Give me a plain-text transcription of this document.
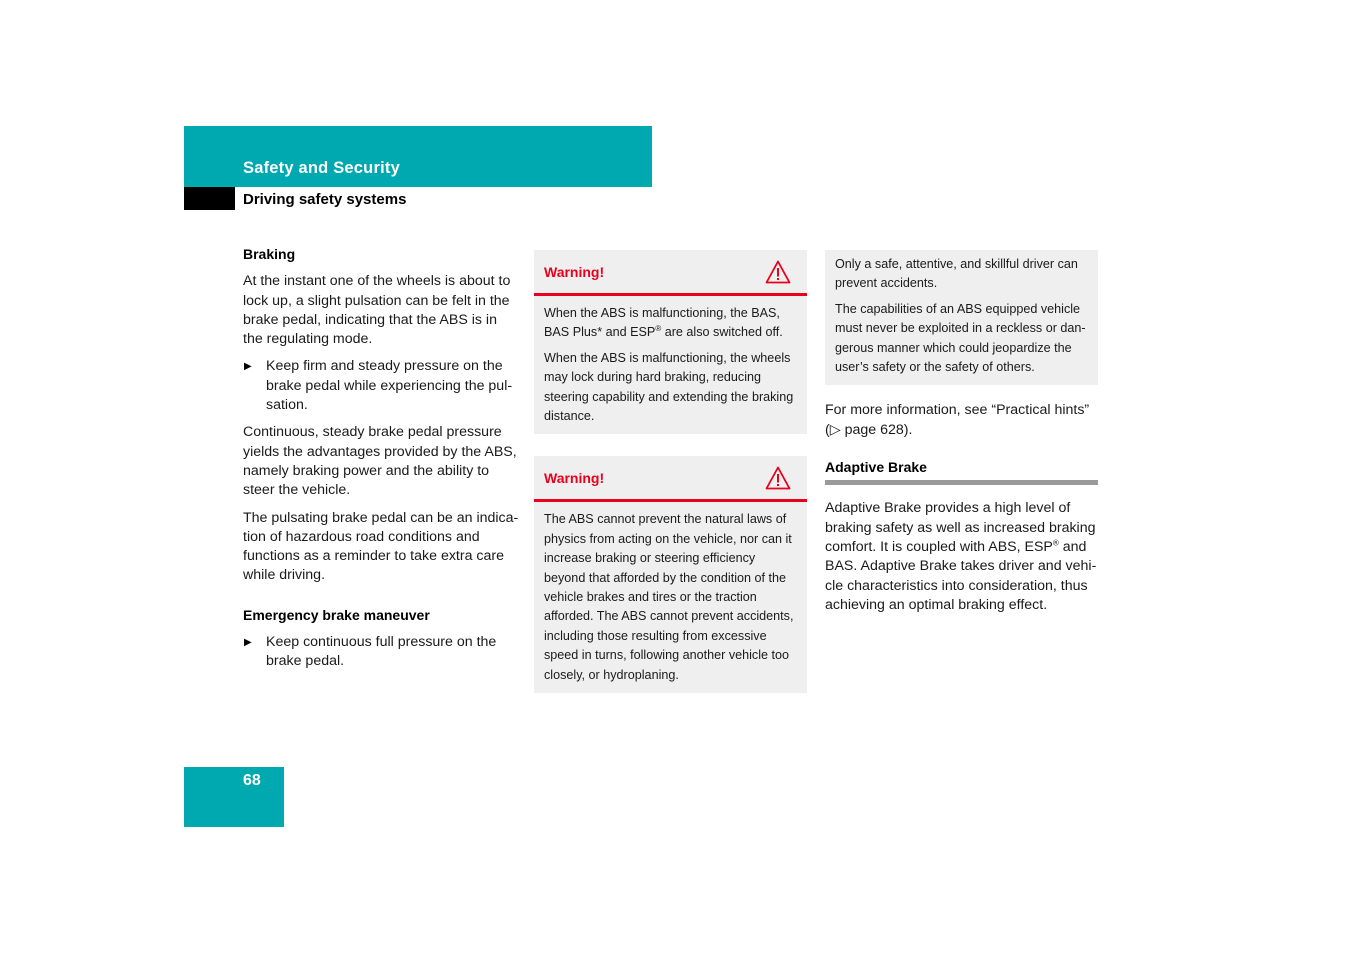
Safety and Security
Driving safety systems
Braking

At the instant one of the wheels is about to lock up, a slight pulsation can be felt in the brake pedal, indicating that the ABS is in the regulating mode.

▶ Keep firm and steady pressure on the brake pedal while experiencing the pulsation.

Continuous, steady brake pedal pressure yields the advantages provided by the ABS, namely braking power and the ability to steer the vehicle.

The pulsating brake pedal can be an indication of hazardous road conditions and functions as a reminder to take extra care while driving.

Emergency brake maneuver
▶ Keep continuous full pressure on the brake pedal.
Warning!

When the ABS is malfunctioning, the BAS, BAS Plus* and ESP® are also switched off.

When the ABS is malfunctioning, the wheels may lock during hard braking, reducing steering capability and extending the braking distance.

Warning!

The ABS cannot prevent the natural laws of physics from acting on the vehicle, nor can it increase braking or steering efficiency beyond that afforded by the condition of the vehicle brakes and tires or the traction afforded. The ABS cannot prevent accidents, including those resulting from excessive speed in turns, following another vehicle too closely, or hydroplaning.

Only a safe, attentive, and skillful driver can prevent accidents.

The capabilities of an ABS equipped vehicle must never be exploited in a reckless or dangerous manner which could jeopardize the user’s safety or the safety of others.

For more information, see “Practical hints” (▷ page 628).

Adaptive Brake

Adaptive Brake provides a high level of braking safety as well as increased braking comfort. It is coupled with ABS, ESP® and BAS. Adaptive Brake takes driver and vehicle characteristics into consideration, thus achieving an optimal braking effect.

68
